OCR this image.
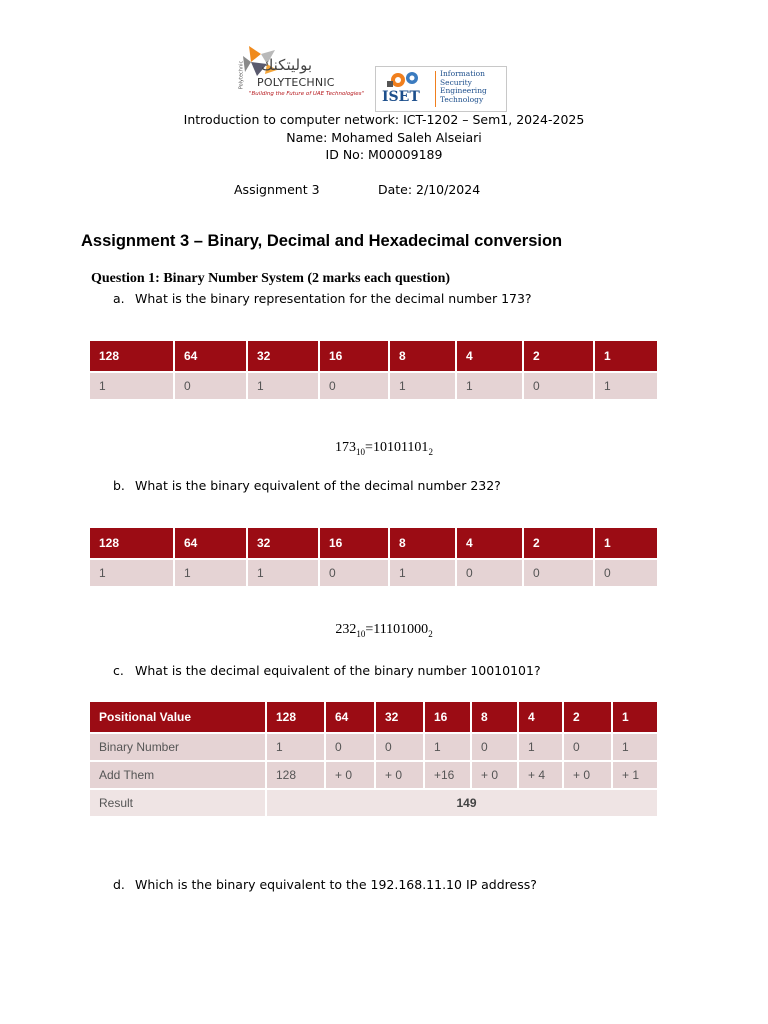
Polytechnic بوليتكنك
POLYTECHNIC
"Building the Future of UAE Technologies" ISET
Information
Security
Engineering
Technology
Introduction to computer network: ICT-1202 – Sem1, 2024-2025
Name: Mohamed Saleh Alseiari
ID No: M00009189
Assignment 3	Date: 2/10/2024
Assignment 3 – Binary, Decimal and Hexadecimal conversion
Question 1: Binary Number System (2 marks each question)
a. What is the binary representation for the decimal number 173?
128	64	32	16	8	4	2	1
1	0	1	0	1	1	0	1
$173_{10}=10101101_2$
b. What is the binary equivalent of the decimal number 232?
128	64	32	16	8	4	2	1
1	1	1	0	1	0	0	0
$232_{10}=11101000_2$
c. What is the decimal equivalent of the binary number 10010101?
Positional Value	128	64	32	16	8	4	2	1
Binary Number	1	0	0	1	0	1	0	1
Add Them	128	+ 0	+ 0	+16	+ 0	+ 4	+ 0	+ 1
Result	149							
d. Which is the binary equivalent to the 192.168.11.10 IP address?
